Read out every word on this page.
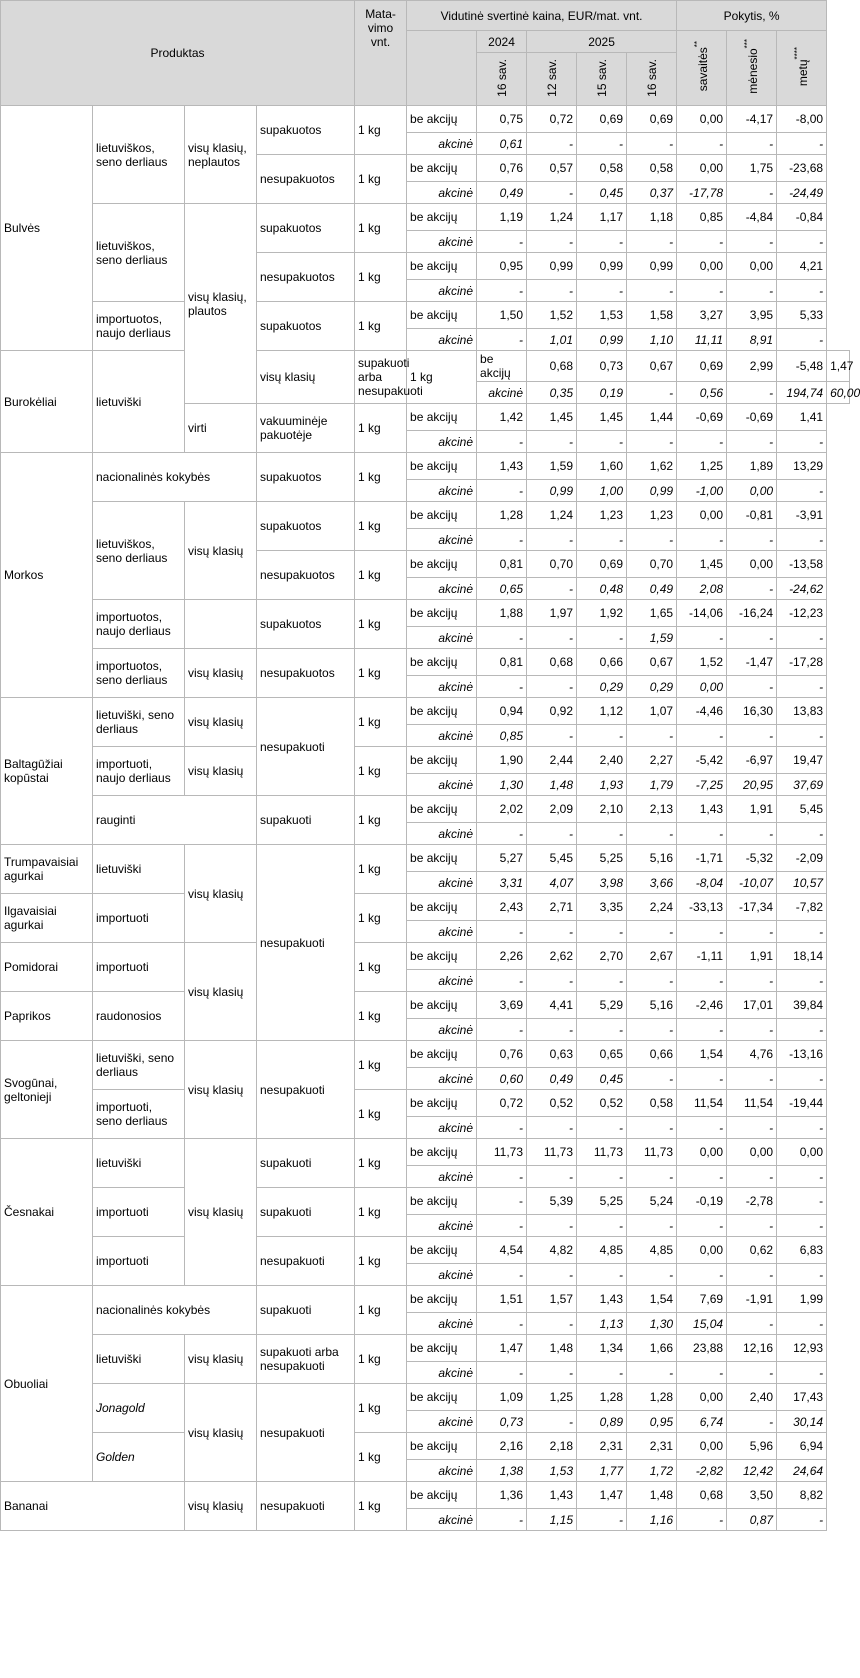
Produktas				Mata-
vimo
vnt.	Vidutinė svertinė kaina, EUR/mat. vnt.					Pokytis, %			
						2024	2025			savaitės**	mėnesio***	metų****
						16 sav.	12 sav.	15 sav.	16 sav.				
Bulvės	lietuviškos, seno derliaus	visų klasių, neplautos	supakuotos	1 kg	be akcijų	0,75	0,72	0,69	0,69	0,00	-4,17	-8,00	
					akcinė	0,61	-	-	-	-	-	-	
			nesupakuotos	1 kg	be akcijų	0,76	0,57	0,58	0,58	0,00	1,75	-23,68	
					akcinė	0,49	-	0,45	0,37	-17,78	-	-24,49	
	lietuviškos, seno derliaus	visų klasių, plautos	supakuotos	1 kg	be akcijų	1,19	1,24	1,17	1,18	0,85	-4,84	-0,84	
					akcinė	-	-	-	-	-	-	-	
			nesupakuotos	1 kg	be akcijų	0,95	0,99	0,99	0,99	0,00	0,00	4,21	
					akcinė	-	-	-	-	-	-	-	
	importuotos, naujo derliaus		supakuotos	1 kg	be akcijų	1,50	1,52	1,53	1,58	3,27	3,95	5,33	
					akcinė	-	1,01	0,99	1,10	11,11	8,91	-	
Burokėliai	lietuviški		visų klasių	supakuoti arba nesupakuoti	1 kg	be akcijų	0,68	0,73	0,67	0,69	2,99	-5,48	1,47
						akcinė	0,35	0,19	-	0,56	-	194,74	60,00
		virti	vakuuminėje pakuotėje	1 kg	be akcijų	1,42	1,45	1,45	1,44	-0,69	-0,69	1,41	
					akcinė	-	-	-	-	-	-	-	
Morkos	nacionalinės kokybės		supakuotos	1 kg	be akcijų	1,43	1,59	1,60	1,62	1,25	1,89	13,29	
					akcinė	-	0,99	1,00	0,99	-1,00	0,00	-	
	lietuviškos, seno derliaus	visų klasių	supakuotos	1 kg	be akcijų	1,28	1,24	1,23	1,23	0,00	-0,81	-3,91	
					akcinė	-	-	-	-	-	-	-	
			nesupakuotos	1 kg	be akcijų	0,81	0,70	0,69	0,70	1,45	0,00	-13,58	
					akcinė	0,65	-	0,48	0,49	2,08	-	-24,62	
	importuotos, naujo derliaus		supakuotos	1 kg	be akcijų	1,88	1,97	1,92	1,65	-14,06	-16,24	-12,23	
					akcinė	-	-	-	1,59	-	-	-	
	importuotos, seno derliaus	visų klasių	nesupakuotos	1 kg	be akcijų	0,81	0,68	0,66	0,67	1,52	-1,47	-17,28	
					akcinė	-	-	0,29	0,29	0,00	-	-	
Baltagūžiai kopūstai	lietuviški, seno derliaus	visų klasių	nesupakuoti	1 kg	be akcijų	0,94	0,92	1,12	1,07	-4,46	16,30	13,83	
					akcinė	0,85	-	-	-	-	-	-	
	importuoti, naujo derliaus	visų klasių		1 kg	be akcijų	1,90	2,44	2,40	2,27	-5,42	-6,97	19,47	
					akcinė	1,30	1,48	1,93	1,79	-7,25	20,95	37,69	
	rauginti		supakuoti	1 kg	be akcijų	2,02	2,09	2,10	2,13	1,43	1,91	5,45	
					akcinė	-	-	-	-	-	-	-	
Trumpavaisiai agurkai	lietuviški	visų klasių	nesupakuoti	1 kg	be akcijų	5,27	5,45	5,25	5,16	-1,71	-5,32	-2,09	
					akcinė	3,31	4,07	3,98	3,66	-8,04	-10,07	10,57	
Ilgavaisiai agurkai	importuoti			1 kg	be akcijų	2,43	2,71	3,35	2,24	-33,13	-17,34	-7,82	
					akcinė	-	-	-	-	-	-	-	
Pomidorai	importuoti	visų klasių		1 kg	be akcijų	2,26	2,62	2,70	2,67	-1,11	1,91	18,14	
					akcinė	-	-	-	-	-	-	-	
Paprikos	raudonosios			1 kg	be akcijų	3,69	4,41	5,29	5,16	-2,46	17,01	39,84	
					akcinė	-	-	-	-	-	-	-	
Svogūnai, geltonieji	lietuviški, seno derliaus	visų klasių	nesupakuoti	1 kg	be akcijų	0,76	0,63	0,65	0,66	1,54	4,76	-13,16	
					akcinė	0,60	0,49	0,45	-	-	-	-	
	importuoti, seno derliaus			1 kg	be akcijų	0,72	0,52	0,52	0,58	11,54	11,54	-19,44	
					akcinė	-	-	-	-	-	-	-	
Česnakai	lietuviški	visų klasių	supakuoti	1 kg	be akcijų	11,73	11,73	11,73	11,73	0,00	0,00	0,00	
					akcinė	-	-	-	-	-	-	-	
	importuoti		supakuoti	1 kg	be akcijų	-	5,39	5,25	5,24	-0,19	-2,78	-	
					akcinė	-	-	-	-	-	-	-	
	importuoti		nesupakuoti	1 kg	be akcijų	4,54	4,82	4,85	4,85	0,00	0,62	6,83	
					akcinė	-	-	-	-	-	-	-	
Obuoliai	nacionalinės kokybės		supakuoti	1 kg	be akcijų	1,51	1,57	1,43	1,54	7,69	-1,91	1,99	
					akcinė	-	-	1,13	1,30	15,04	-	-	
	lietuviški	visų klasių	supakuoti arba nesupakuoti	1 kg	be akcijų	1,47	1,48	1,34	1,66	23,88	12,16	12,93	
					akcinė	-	-	-	-	-	-	-	
	Jonagold	visų klasių	nesupakuoti	1 kg	be akcijų	1,09	1,25	1,28	1,28	0,00	2,40	17,43	
					akcinė	0,73	-	0,89	0,95	6,74	-	30,14	
	Golden			1 kg	be akcijų	2,16	2,18	2,31	2,31	0,00	5,96	6,94	
					akcinė	1,38	1,53	1,77	1,72	-2,82	12,42	24,64	
Bananai		visų klasių	nesupakuoti	1 kg	be akcijų	1,36	1,43	1,47	1,48	0,68	3,50	8,82	
					akcinė	-	1,15	-	1,16	-	0,87	-	
